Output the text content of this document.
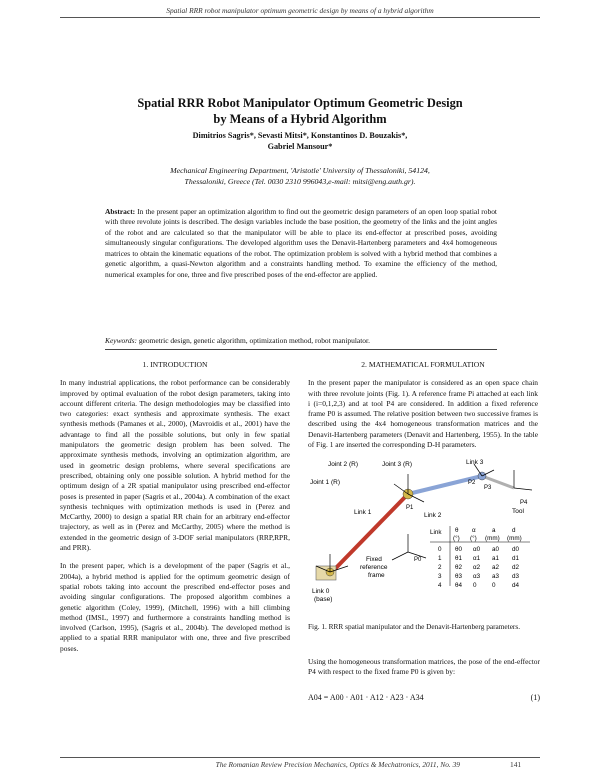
Spatial RRR robot manipulator optimum geometric design by means of a hybrid algorithm
Spatial RRR Robot Manipulator Optimum Geometric Design
by Means of a Hybrid Algorithm
Dimitrios Sagris*, Sevasti Mitsi*, Konstantinos D. Bouzakis*,
Gabriel Mansour*
Mechanical Engineering Department, 'Aristotle' University of Thessaloniki, 54124,
Thessaloniki, Greece (Tel. 0030 2310 996043,e-mail: mitsi@eng.auth.gr).
Abstract: In the present paper an optimization algorithm to find out the geometric design parameters of an open loop spatial robot with three revolute joints is described. The design variables include the base position, the geometry of the links and the joint angles of the robot and are calculated so that the manipulator will be able to place its end-effector at prescribed poses, avoiding simultaneously singular configurations. The developed algorithm uses the Denavit-Hartenberg parameters and 4x4 homogeneous matrices to obtain the kinematic equations of the robot. The optimization problem is solved with a hybrid method that combines a genetic algorithm, a quasi-Newton algorithm and a constraints handling method. To examine the efficiency of the method, numerical examples for one, three and five prescribed poses of the end-effector are applied.
Keywords: geometric design, genetic algorithm, optimization method, robot manipulator.
1. INTRODUCTION

In many industrial applications, the robot performance can be considerably improved by optimal evaluation of the robot design parameters, taking into account different criteria. The design methodologies may be classified into two categories: exact synthesis and approximate synthesis. The exact synthesis methods (Pamanes et al., 2000), (Mavroidis et al., 2001) have the advantage to find all the possible solutions, but only in few spatial manipulators the geometric design problem has been solved. The approximate synthesis methods, involving an optimization algorithm, are used in geometric design problems, where several specifications are prescribed, obtaining only one possible solution. A hybrid method for the optimum design of a 2R spatial manipulator using prescribed end-effector poses is presented in paper (Sagris et al., 2004a). A combination of the exact synthesis techniques with optimization methods is used in (Perez and McCarthy, 2000) to design a spatial RR chain for an arbitrary end-effector trajectory, as well as in (Perez and McCarthy, 2005) where the method is extended in the geometric design of 3-DOF serial manipulators (RRP,RPR, and PRR).

In the present paper, which is a development of the paper (Sagris et al., 2004a), a hybrid method is applied for the optimum geometric design of spatial robots taking into account the prescribed end-effector poses and avoiding singular configurations. The proposed algorithm combines a genetic algorithm (Coley, 1999), (Mitchell, 1996) with a hill climbing method (IMSL, 1997) and furthermore a constraints handling method is involved (Carlson, 1995), (Sagris et al., 2004b). The developed method is applied to a spatial RRR manipulator with one, three and five prescribed poses.

2. MATHEMATICAL FORMULATION

In the present paper the manipulator is considered as an open space chain with three revolute joints (Fig. 1). A reference frame Pi attached at each link i (i=0,1,2,3) and at tool P4 are considered. In addition a fixed reference frame P0 is assumed. The relative position between two successive frames is described using the 4x4 homogeneous transformation matrices and the Denavit-Hartenberg parameters (Denavit and Hartenberg, 1955). In the table of Fig. 1 are inserted the corresponding D-H parameters.

Joint 2 (R)	Joint 3 (R)	Link 3
Joint 1 (R)
Link 1	Link 2
Link 0
(base)
P0
P1
P2
P3
P4
Tool
Fixed
reference
frame
Link θ α	a	d
(°) (°) (mm) (mm)
0 θ0 α0 a0 d0
1 θ1 α1 a1 d1
2 θ2 α2 a2 d2
3 θ3 α3 a3 d3
4 θ4 0 0	d4
Fig. 1. RRR spatial manipulator and the Denavit-Hartenberg parameters.
Using the homogeneous transformation matrices, the pose of the end-effector P4 with respect to the fixed frame P0 is given by:
A04 = A00 · A01 · A12 · A23 · A34	(1)
The Romanian Review Precision Mechanics, Optics & Mechatronics, 2011, No. 39	141
